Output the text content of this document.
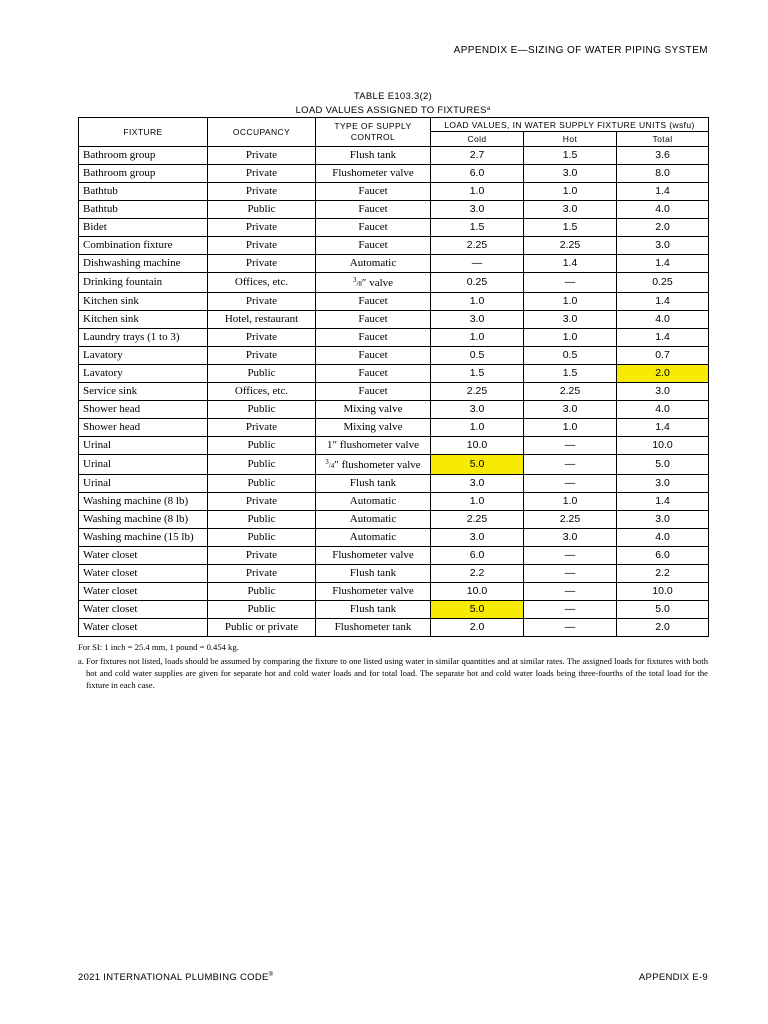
APPENDIX E—SIZING OF WATER PIPING SYSTEM
TABLE E103.3(2)
LOAD VALUES ASSIGNED TO FIXTURES$^a$
FIXTURE	OCCUPANCY	TYPE OF SUPPLY CONTROL	LOAD VALUES, IN WATER SUPPLY FIXTURE UNITS (wsfu)		
			Cold	Hot	Total
Bathroom group	Private	Flush tank	2.7	1.5	3.6
Bathroom group	Private	Flushometer valve	6.0	3.0	8.0
Bathtub	Private	Faucet	1.0	1.0	1.4
Bathtub	Public	Faucet	3.0	3.0	4.0
Bidet	Private	Faucet	1.5	1.5	2.0
Combination fixture	Private	Faucet	2.25	2.25	3.0
Dishwashing machine	Private	Automatic	—	1.4	1.4
Drinking fountain	Offices, etc.	3/8″ valve	0.25	—	0.25
Kitchen sink	Private	Faucet	1.0	1.0	1.4
Kitchen sink	Hotel, restaurant	Faucet	3.0	3.0	4.0
Laundry trays (1 to 3)	Private	Faucet	1.0	1.0	1.4
Lavatory	Private	Faucet	0.5	0.5	0.7
Lavatory	Public	Faucet	1.5	1.5	2.0
Service sink	Offices, etc.	Faucet	2.25	2.25	3.0
Shower head	Public	Mixing valve	3.0	3.0	4.0
Shower head	Private	Mixing valve	1.0	1.0	1.4
Urinal	Public	1″ flushometer valve	10.0	—	10.0
Urinal	Public	3/4″ flushometer valve	5.0	—	5.0
Urinal	Public	Flush tank	3.0	—	3.0
Washing machine (8 lb)	Private	Automatic	1.0	1.0	1.4
Washing machine (8 lb)	Public	Automatic	2.25	2.25	3.0
Washing machine (15 lb)	Public	Automatic	3.0	3.0	4.0
Water closet	Private	Flushometer valve	6.0	—	6.0
Water closet	Private	Flush tank	2.2	—	2.2
Water closet	Public	Flushometer valve	10.0	—	10.0
Water closet	Public	Flush tank	5.0	—	5.0
Water closet	Public or private	Flushometer tank	2.0	—	2.0
For SI: 1 inch = 25.4 mm, 1 pound = 0.454 kg.
a. For fixtures not listed, loads should be assumed by comparing the fixture to one listed using water in similar quantities and at similar rates. The assigned loads for fixtures with both hot and cold water supplies are given for separate hot and cold water loads and for total load. The separate hot and cold water loads being three-fourths of the total load for the fixture in each case.
2021 INTERNATIONAL PLUMBING CODE®	APPENDIX E-9
